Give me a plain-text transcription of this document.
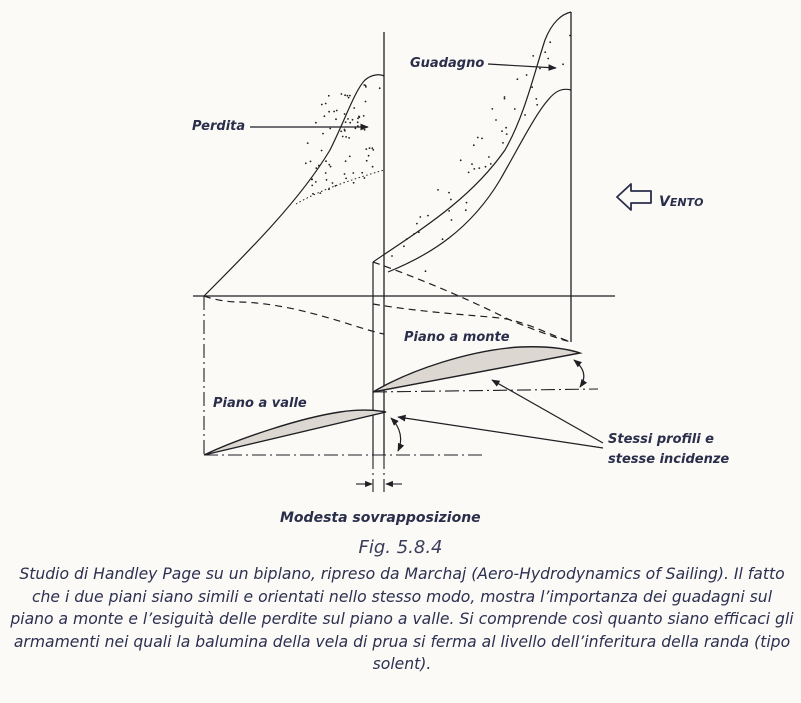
Perdita
Guadagno
VENTO
Piano a monte
Piano a valle
Stessi profili e
stesse incidenze
Modesta sovrapposizione
Fig. 5.8.4

Studio di Handley Page su un biplano, ripreso da Marchaj (Aero-Hydrodynamics of Sailing). Il fatto che i due piani siano simili e orientati nello stesso modo, mostra l’importanza dei guadagni sul piano a monte e l’esiguità delle perdite sul piano a valle. Si comprende così quanto siano efficaci gli armamenti nei quali la balumina della vela di prua si ferma al livello dell’inferitura della randa (tipo solent).
